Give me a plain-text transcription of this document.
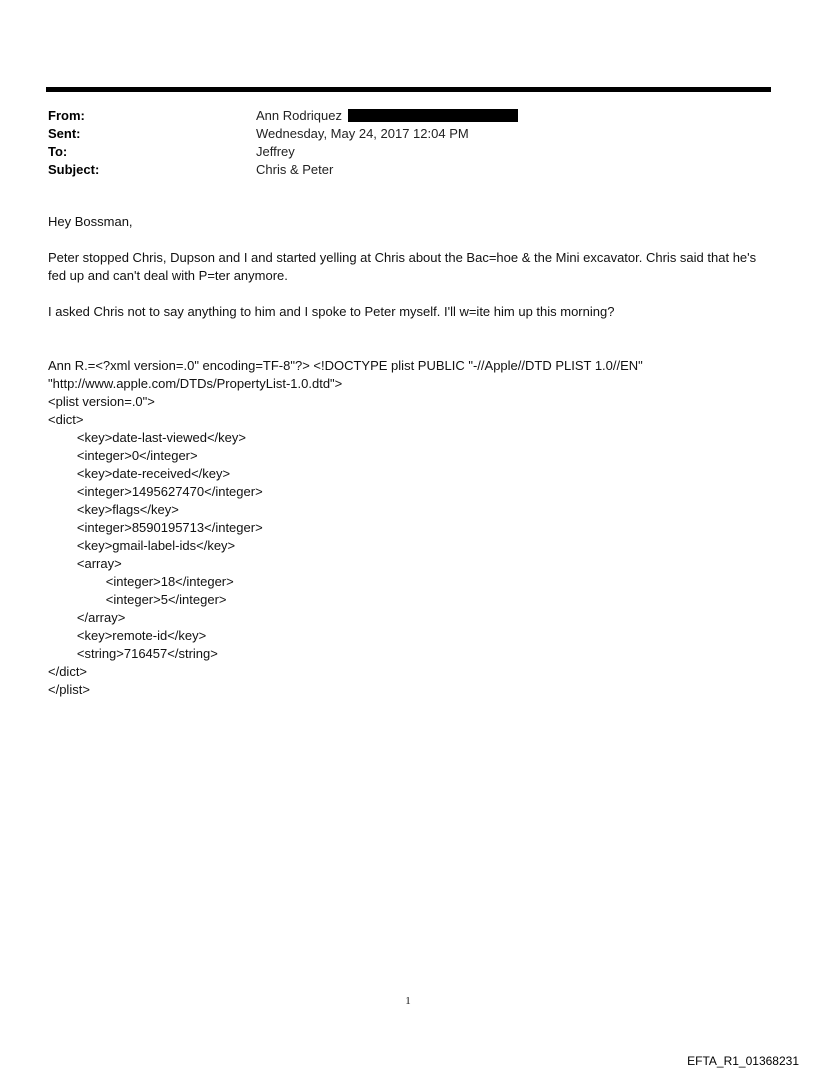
From:	Ann Rodriquez
Sent:	Wednesday, May 24, 2017 12:04 PM
To:	Jeffrey
Subject:	Chris & Peter

Hey Bossman,

Peter stopped Chris, Dupson and I and started yelling at Chris about the Bac=hoe & the Mini excavator. Chris said that he's fed up and can't deal with P=ter anymore.

I asked Chris not to say anything to him and I spoke to Peter myself. I'll w=ite him up this morning?

Ann R.=<?xml version=.0" encoding=TF-8"?> <!DOCTYPE plist PUBLIC "-//Apple//DTD PLIST 1.0//EN"

"http://www.apple.com/DTDs/PropertyList-1.0.dtd">

<plist version=.0">

<dict>

<key>date-last-viewed</key>

<integer>0</integer>

<key>date-received</key>

<integer>1495627470</integer>

<key>flags</key>

<integer>8590195713</integer>

<key>gmail-label-ids</key>

<array>

<integer>18</integer>

<integer>5</integer>

</array>

<key>remote-id</key>

<string>716457</string>

</dict>

</plist>

1
EFTA_R1_01368231
